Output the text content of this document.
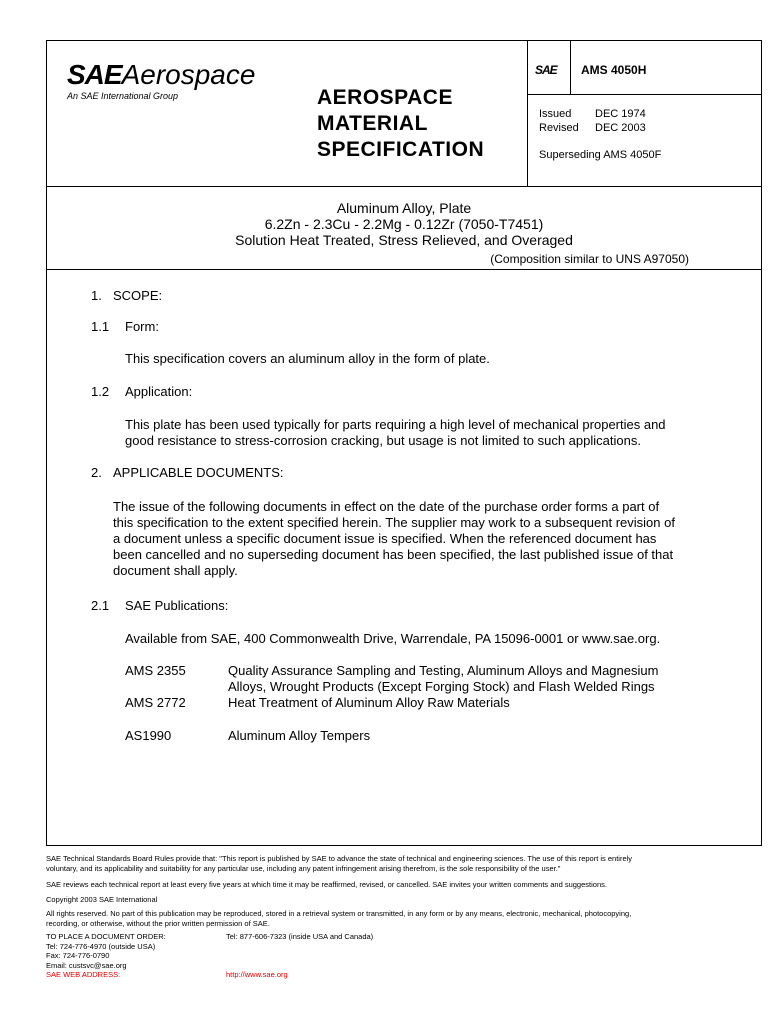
SAEAerospace
An SAE International Group	AEROSPACE
MATERIAL
SPECIFICATION
SAE AMS 4050H
Issued DEC 1974
Revised DEC 2003
Superseding AMS 4050F
Aluminum Alloy, Plate
6.2Zn - 2.3Cu - 2.2Mg - 0.12Zr (7050-T7451)
Solution Heat Treated, Stress Relieved, and Overaged
(Composition similar to UNS A97050)
1. SCOPE:
1.1 Form:
This specification covers an aluminum alloy in the form of plate.
1.2 Application:
This plate has been used typically for parts requiring a high level of mechanical properties and
good resistance to stress-corrosion cracking, but usage is not limited to such applications.
2. APPLICABLE DOCUMENTS:
The issue of the following documents in effect on the date of the purchase order forms a part of
this specification to the extent specified herein. The supplier may work to a subsequent revision of
a document unless a specific document issue is specified. When the referenced document has
been cancelled and no superseding document has been specified, the last published issue of that
document shall apply.
2.1 SAE Publications:
Available from SAE, 400 Commonwealth Drive, Warrendale, PA 15096-0001 or www.sae.org.
AMS 2355	Quality Assurance Sampling and Testing, Aluminum Alloys and Magnesium
Alloys, Wrought Products (Except Forging Stock) and Flash Welded Rings
AMS 2772	Heat Treatment of Aluminum Alloy Raw Materials
AS1990	Aluminum Alloy Tempers
SAE Technical Standards Board Rules provide that: "This report is published by SAE to advance the state of technical and engineering sciences. The use of this report is entirely
voluntary, and its applicability and suitability for any particular use, including any patent infringement arising therefrom, is the sole responsibility of the user."
SAE reviews each technical report at least every five years at which time it may be reaffirmed, revised, or cancelled. SAE invites your written comments and suggestions.
Copyright 2003 SAE International
All rights reserved. No part of this publication may be reproduced, stored in a retrieval system or transmitted, in any form or by any means, electronic, mechanical, photocopying,
recording, or otherwise, without the prior written permission of SAE.
TO PLACE A DOCUMENT ORDER:	Tel: 877-606-7323 (inside USA and Canada)
Tel: 724-776-4970 (outside USA)
Fax: 724-776-0790
Email: custsvc@sae.org
SAE WEB ADDRESS:	http://www.sae.org
